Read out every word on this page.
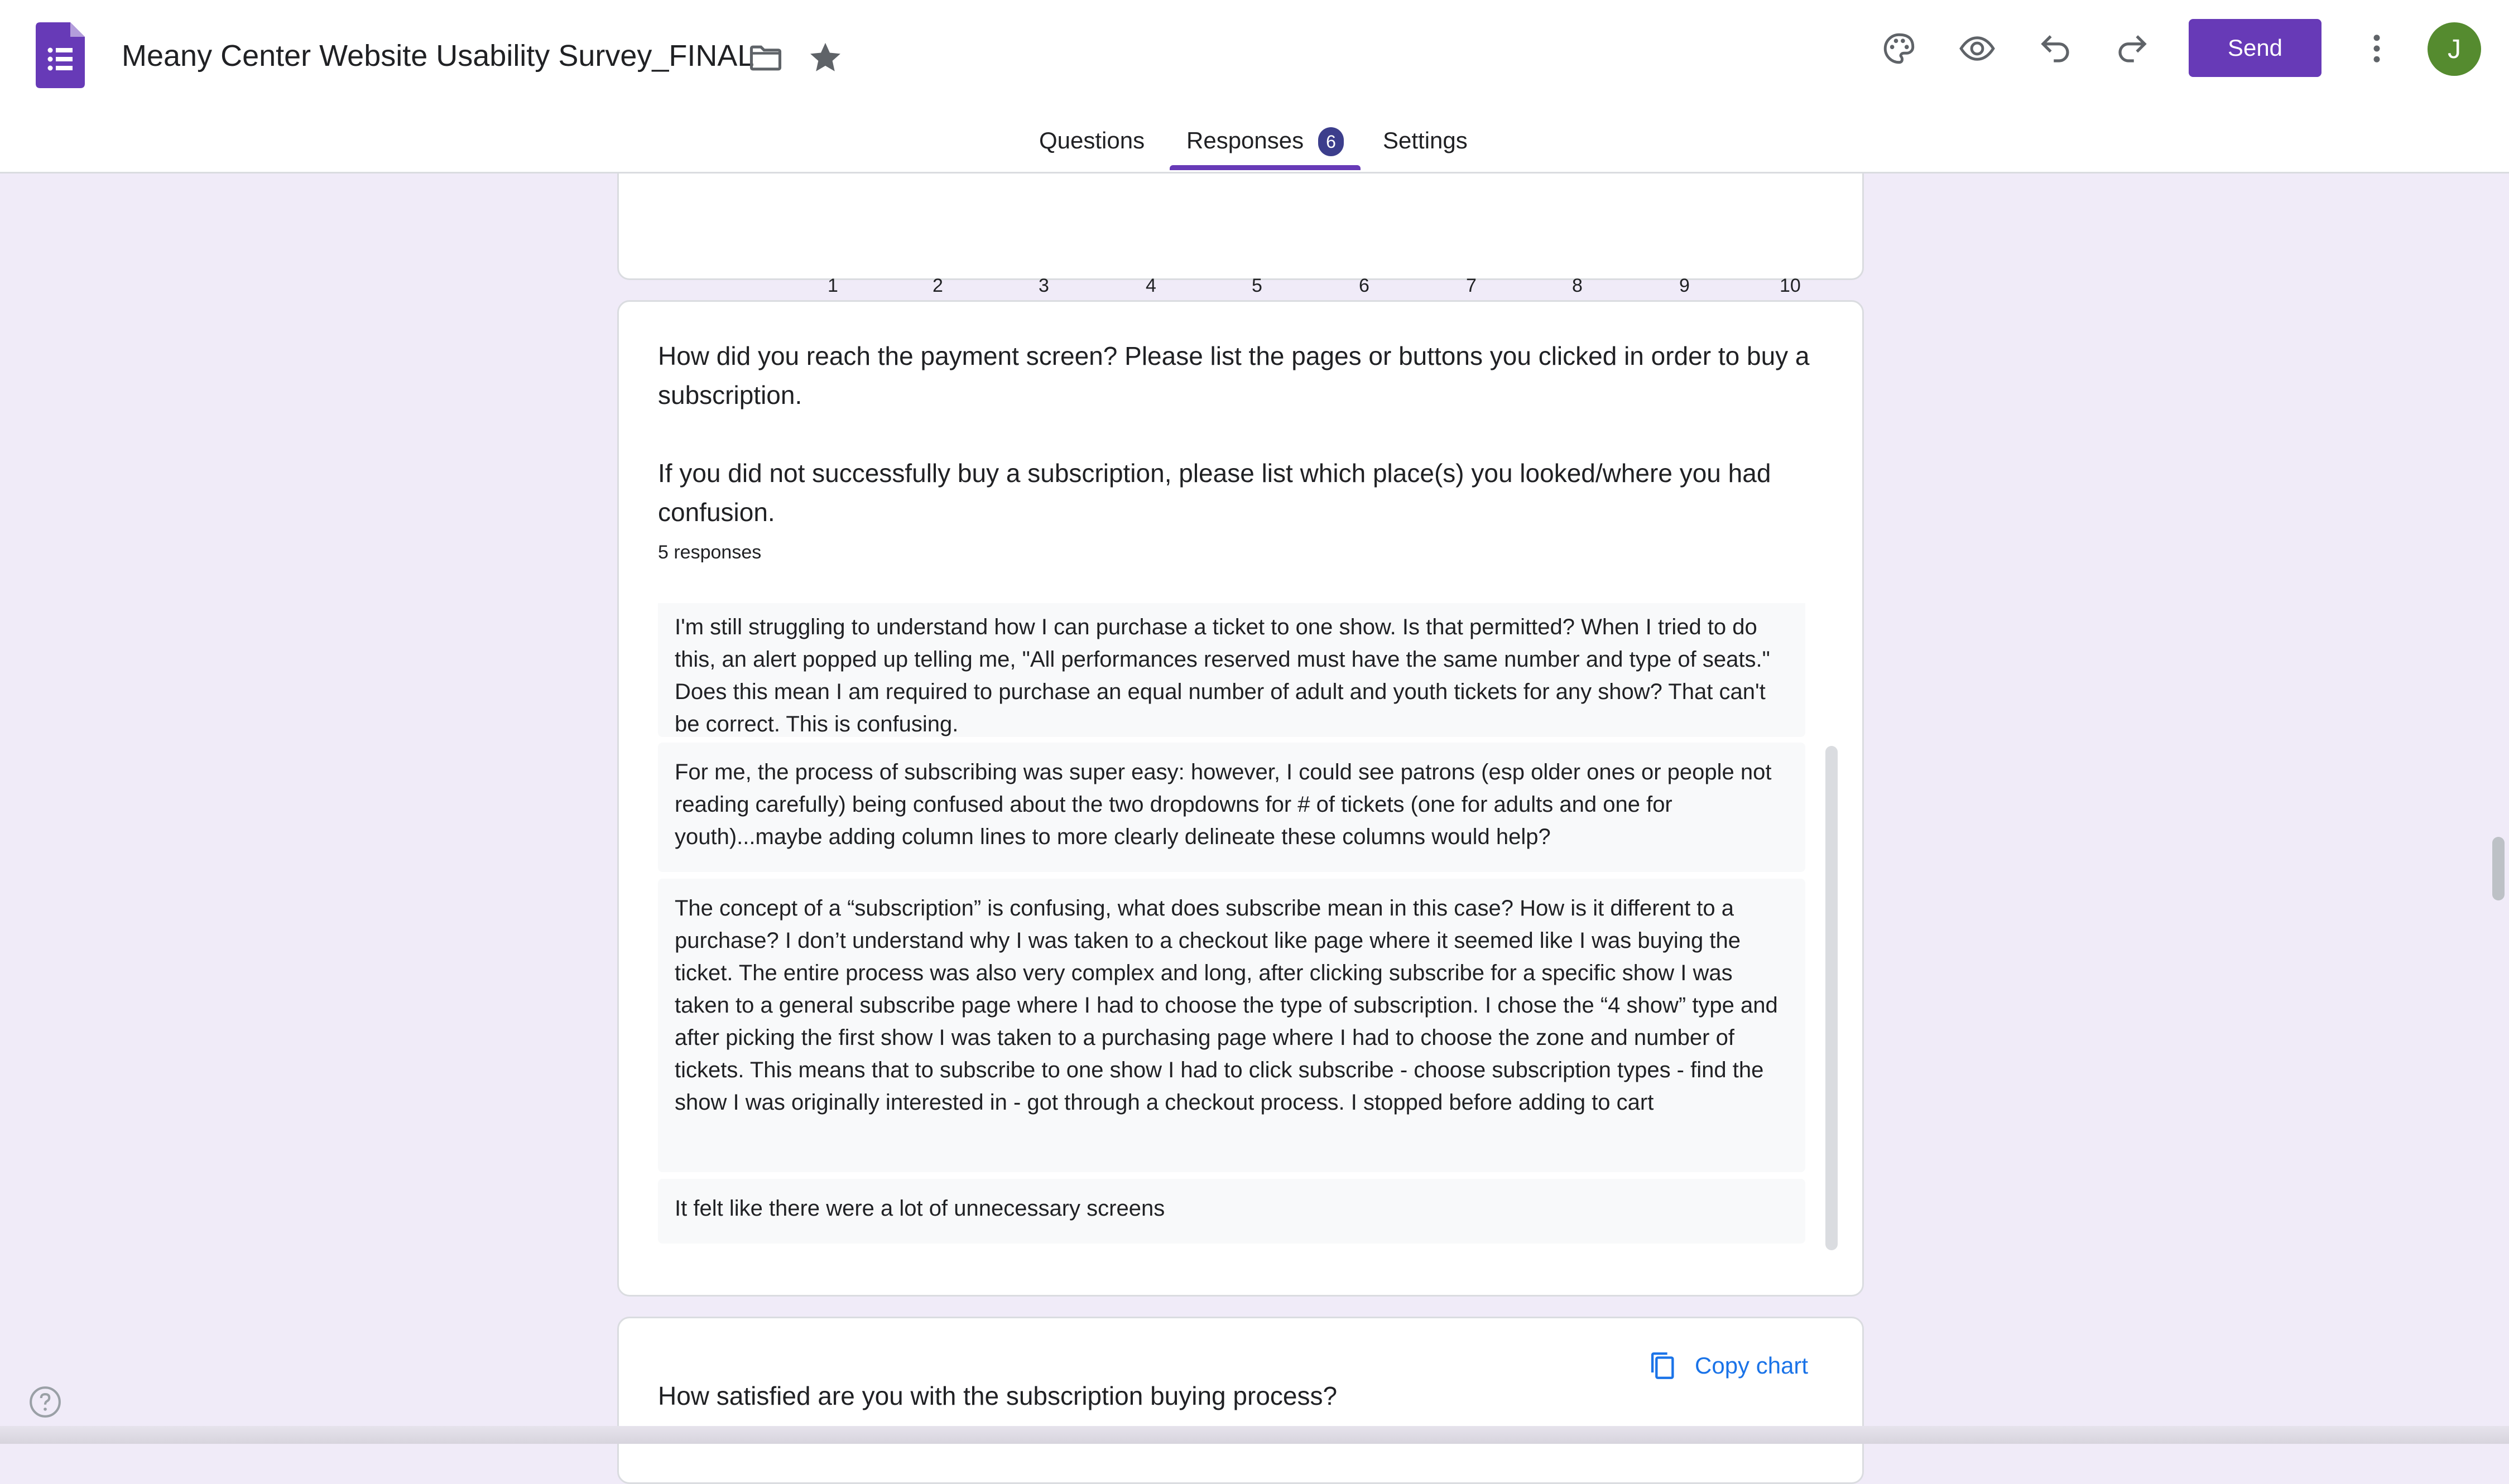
Meany Center Website Usability Survey_FINAL	Send	J
Questions Responses	6	Settings
1	2	3	4	5	6	7	8	9	10
How did you reach the payment screen? Please list the pages or buttons you clicked in order to buy a subscription.
If you did not successfully buy a subscription, please list which place(s) you looked/where you had confusion.
5 responses
I'm still struggling to understand how I can purchase a ticket to one show. Is that permitted? When I tried to do this, an alert popped up telling me, "All performances reserved must have the same number and type of seats." Does this mean I am required to purchase an equal number of adult and youth tickets for any show? That can't be correct. This is confusing.
For me, the process of subscribing was super easy: however, I could see patrons (esp older ones or people not reading carefully) being confused about the two dropdowns for # of tickets (one for adults and one for youth)...maybe adding column lines to more clearly delineate these columns would help?
The concept of a “subscription” is confusing, what does subscribe mean in this case? How is it different to a purchase? I don’t understand why I was taken to a checkout like page where it seemed like I was buying the ticket. The entire process was also very complex and long, after clicking subscribe for a specific show I was taken to a general subscribe page where I had to choose the type of subscription. I chose the “4 show” type and after picking the first show I was taken to a purchasing page where I had to choose the zone and number of tickets. This means that to subscribe to one show I had to click subscribe - choose subscription types - find the show I was originally interested in - got through a checkout process. I stopped before adding to cart
It felt like there were a lot of unnecessary screens
Copy chart
How satisfied are you with the subscription buying process?
